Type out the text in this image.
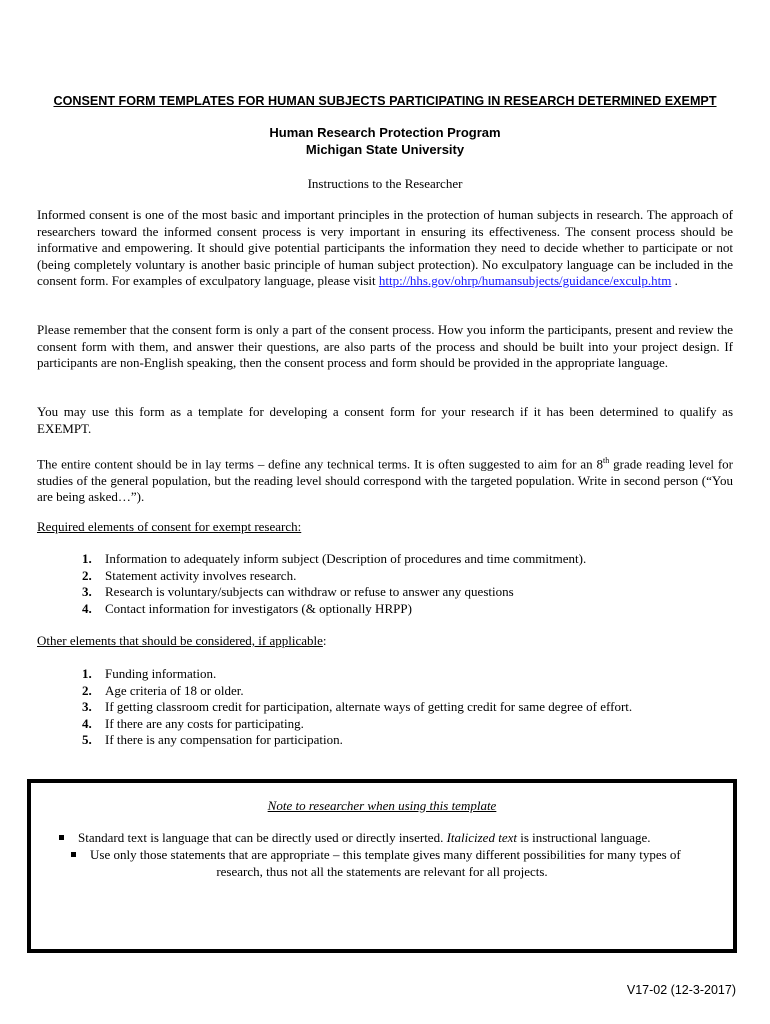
CONSENT FORM TEMPLATES FOR HUMAN SUBJECTS PARTICIPATING IN RESEARCH DETERMINED EXEMPT
Human Research Protection Program
Michigan State University
Instructions to the Researcher
Informed consent is one of the most basic and important principles in the protection of human subjects in research. The approach of researchers toward the informed consent process is very important in ensuring its effectiveness. The consent process should be informative and empowering. It should give potential participants the information they need to decide whether to participate or not (being completely voluntary is another basic principle of human subject protection). No exculpatory language can be included in the consent form. For examples of exculpatory language, please visit http://hhs.gov/ohrp/humansubjects/guidance/exculp.htm .
Please remember that the consent form is only a part of the consent process. How you inform the participants, present and review the consent form with them, and answer their questions, are also parts of the process and should be built into your project design. If participants are non-English speaking, then the consent process and form should be provided in the appropriate language.
You may use this form as a template for developing a consent form for your research if it has been determined to qualify as EXEMPT.
The entire content should be in lay terms – define any technical terms. It is often suggested to aim for an 8th grade reading level for studies of the general population, but the reading level should correspond with the targeted population. Write in second person (“You are being asked…”).
Required elements of consent for exempt research:
1. Information to adequately inform subject (Description of procedures and time commitment).
2. Statement activity involves research.
3. Research is voluntary/subjects can withdraw or refuse to answer any questions
4. Contact information for investigators (& optionally HRPP)
Other elements that should be considered, if applicable:
1. Funding information.
2. Age criteria of 18 or older.
3. If getting classroom credit for participation, alternate ways of getting credit for same degree of effort.
4. If there are any costs for participating.
5. If there is any compensation for participation.
Note to researcher when using this template
Standard text is language that can be directly used or directly inserted. Italicized text is instructional language.
Use only those statements that are appropriate – this template gives many different possibilities for many types of
research, thus not all the statements are relevant for all projects.
V17-02 (12-3-2017)
